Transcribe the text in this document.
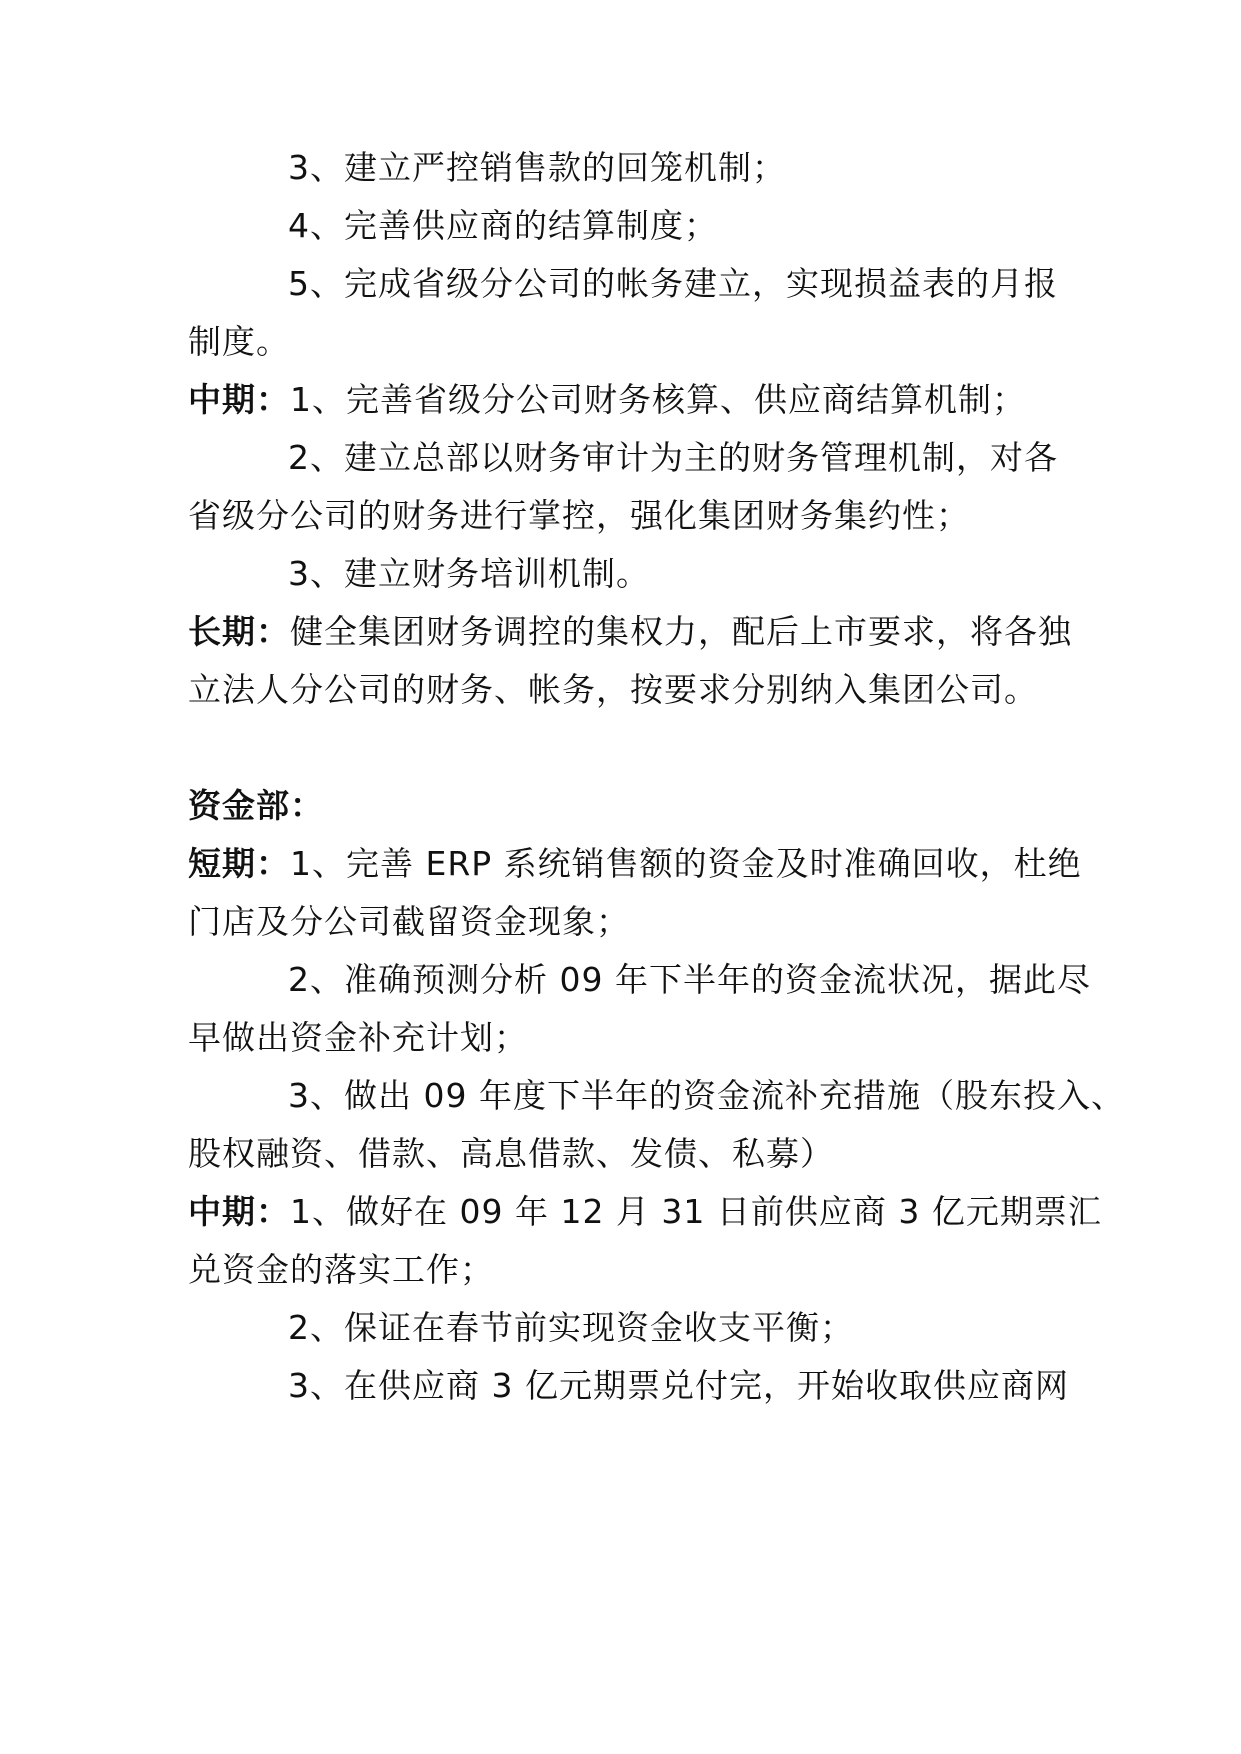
3、建立严控销售款的回笼机制；
4、完善供应商的结算制度；
5、完成省级分公司的帐务建立，实现损益表的月报
制度。
中期：1、完善省级分公司财务核算、供应商结算机制；
2、建立总部以财务审计为主的财务管理机制，对各
省级分公司的财务进行掌控，强化集团财务集约性；
3、建立财务培训机制。
长期：健全集团财务调控的集权力，配后上市要求，将各独
立法人分公司的财务、帐务，按要求分别纳入集团公司。
资金部：
短期：1、完善 ERP 系统销售额的资金及时准确回收，杜绝
门店及分公司截留资金现象；
2、准确预测分析 09 年下半年的资金流状况，据此尽
早做出资金补充计划；
3、做出 09 年度下半年的资金流补充措施（股东投入、
股权融资、借款、高息借款、发债、私募）
中期：1、做好在 09 年 12 月 31 日前供应商 3 亿元期票汇
兑资金的落实工作；
2、保证在春节前实现资金收支平衡；
3、在供应商 3 亿元期票兑付完，开始收取供应商网
